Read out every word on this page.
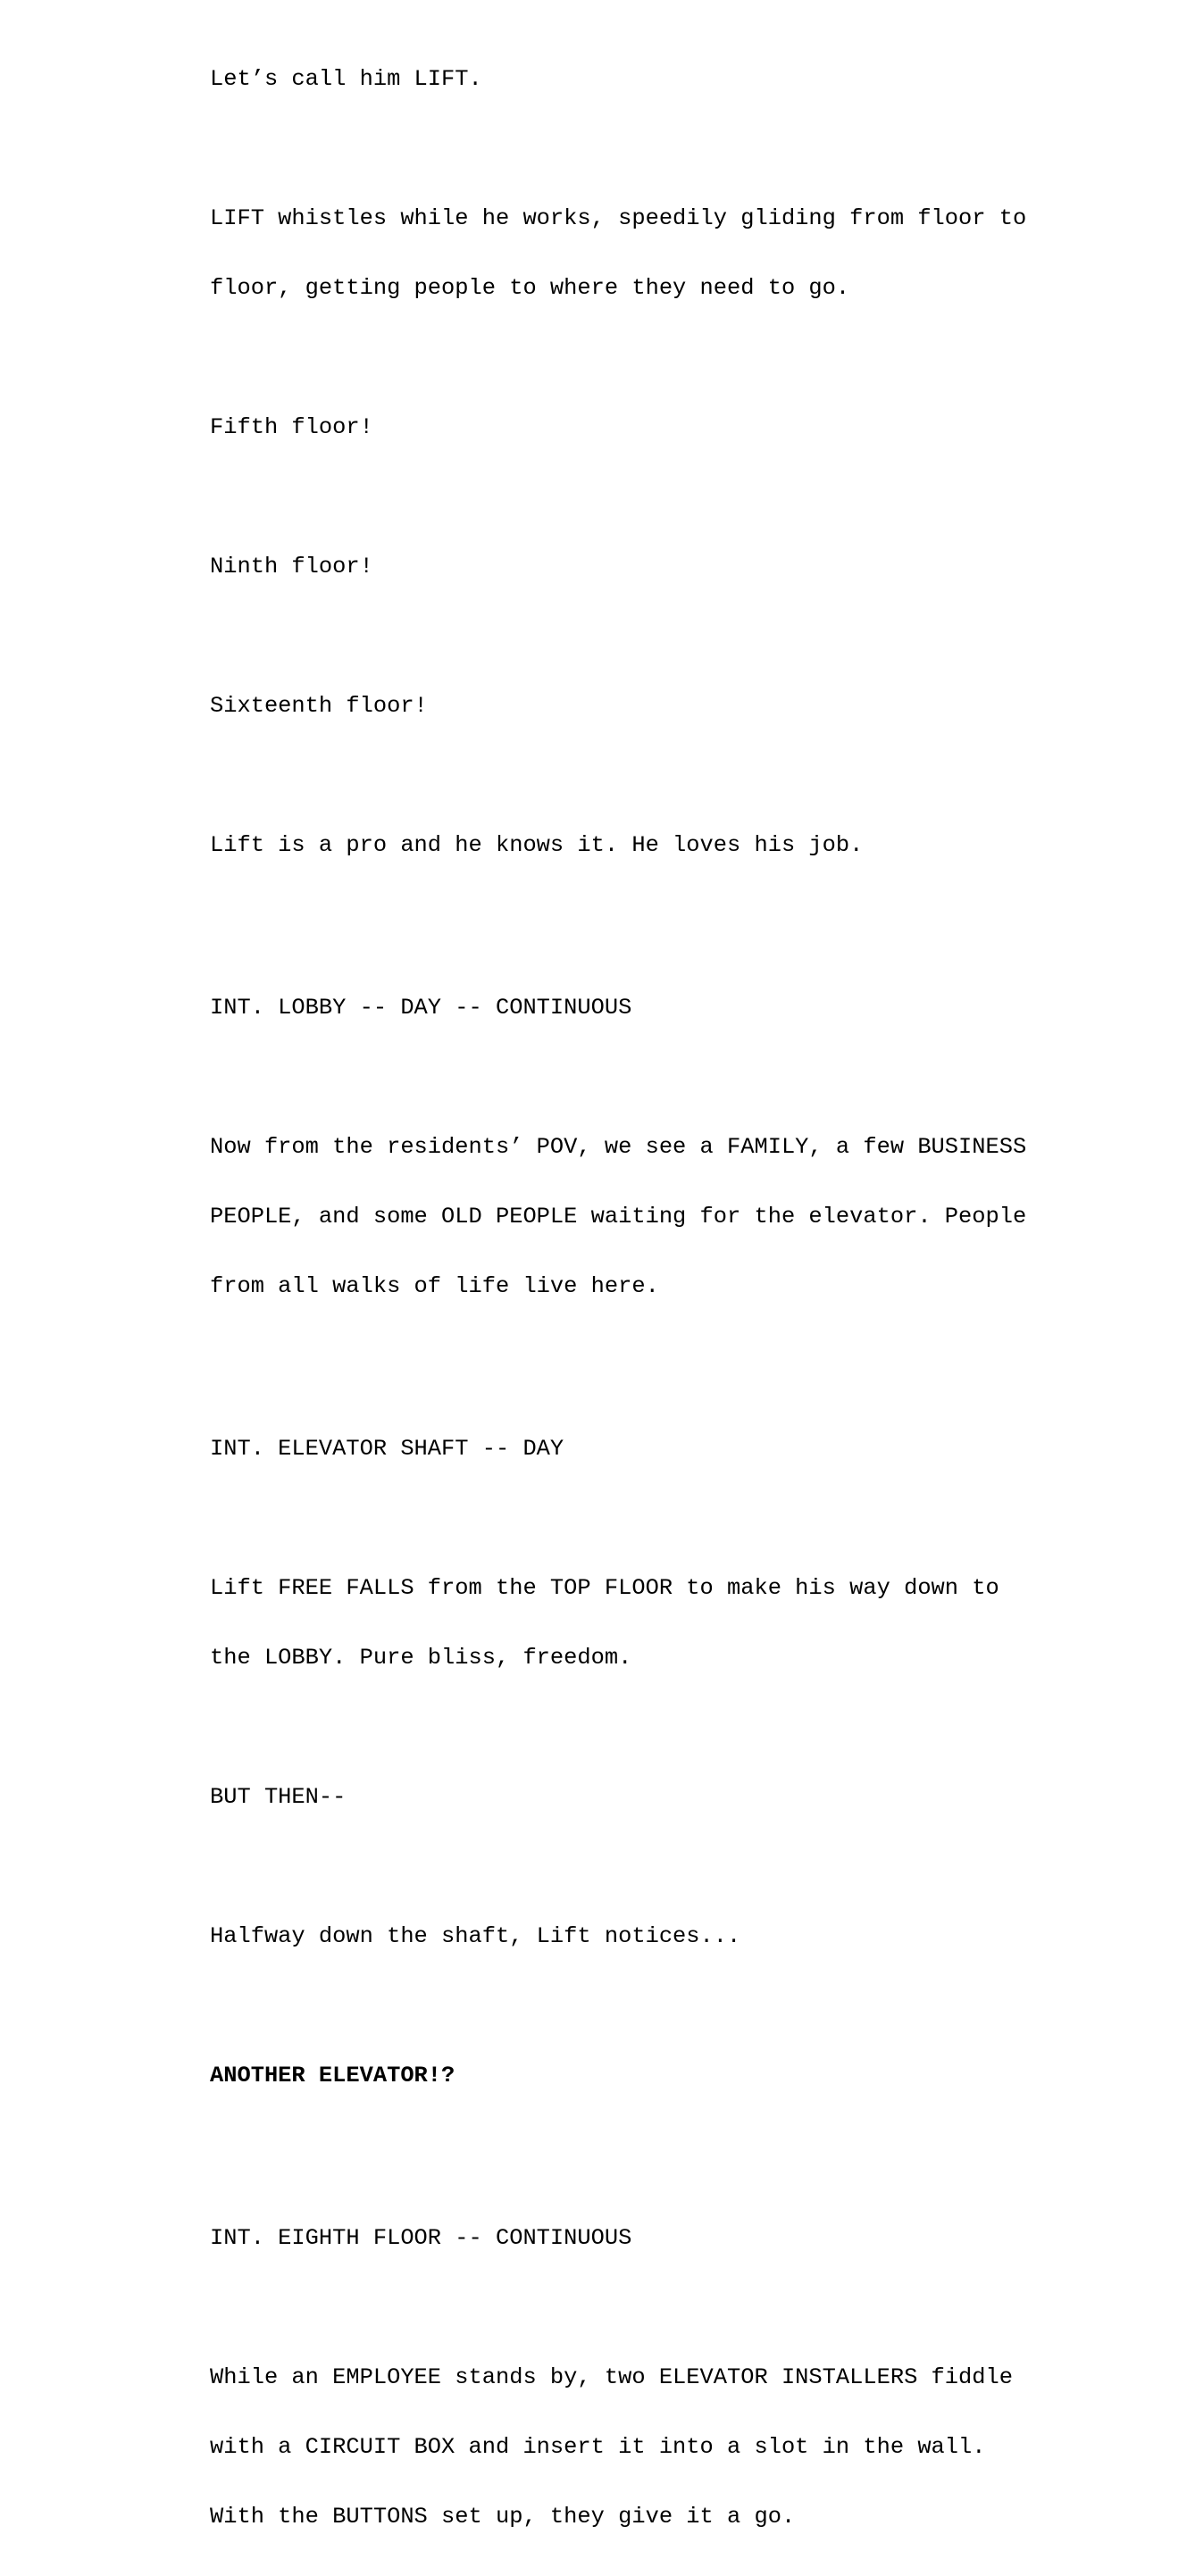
Let’s call him LIFT.

LIFT whistles while he works, speedily gliding from floor to

floor, getting people to where they need to go.

Fifth floor!

Ninth floor!

Sixteenth floor!

Lift is a pro and he knows it. He loves his job.

INT. LOBBY -- DAY -- CONTINUOUS

Now from the residents’ POV, we see a FAMILY, a few BUSINESS

PEOPLE, and some OLD PEOPLE waiting for the elevator. People

from all walks of life live here.

INT. ELEVATOR SHAFT -- DAY

Lift FREE FALLS from the TOP FLOOR to make his way down to

the LOBBY. Pure bliss, freedom.

BUT THEN--

Halfway down the shaft, Lift notices...

ANOTHER ELEVATOR!?

INT. EIGHTH FLOOR -- CONTINUOUS

While an EMPLOYEE stands by, two ELEVATOR INSTALLERS fiddle

with a CIRCUIT BOX and insert it into a slot in the wall.

With the BUTTONS set up, they give it a go.
